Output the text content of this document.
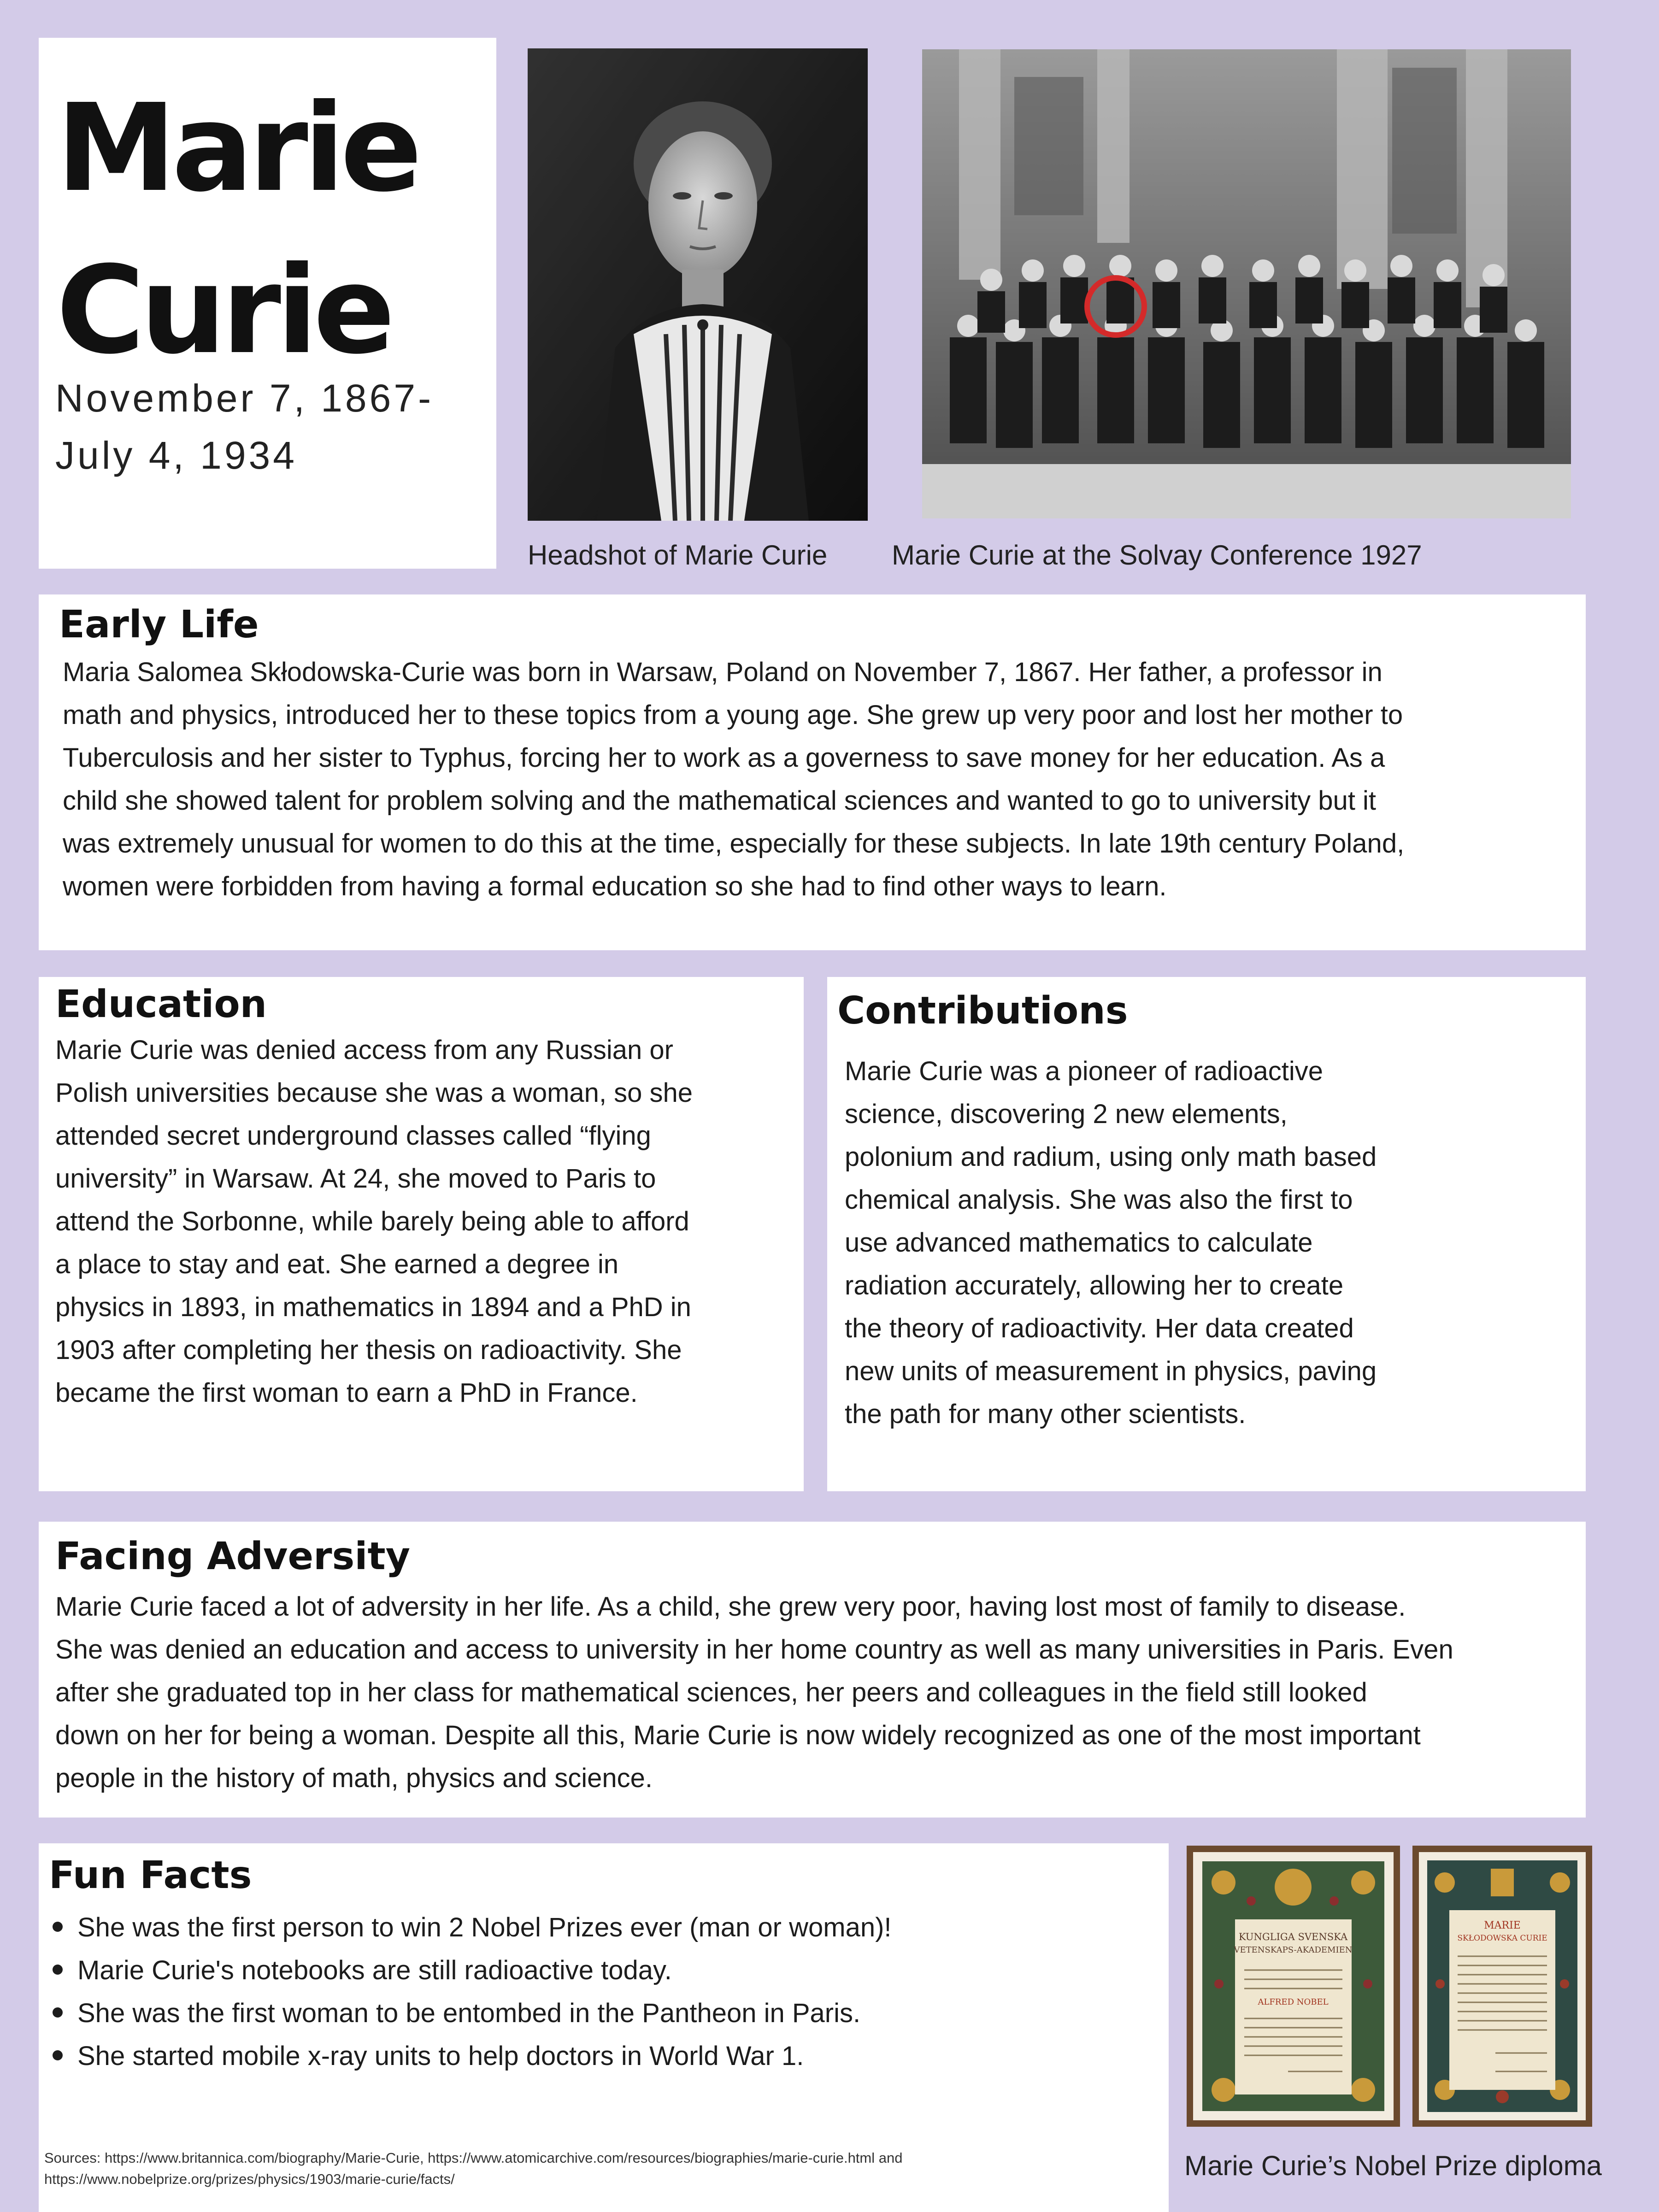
Marie
Curie

November 7, 1867-
July 4, 1934

Headshot of Marie Curie Marie Curie at the Solvay Conference 1927
Early Life

Maria Salomea Skłodowska-Curie was born in Warsaw, Poland on November 7, 1867. Her father, a professor in
math and physics, introduced her to these topics from a young age. She grew up very poor and lost her mother to
Tuberculosis and her sister to Typhus, forcing her to work as a governess to save money for her education. As a
child she showed talent for problem solving and the mathematical sciences and wanted to go to university but it
was extremely unusual for women to do this at the time, especially for these subjects. In late 19th century Poland,
women were forbidden from having a formal education so she had to find other ways to learn.

Education

Marie Curie was denied access from any Russian or
Polish universities because she was a woman, so she
attended secret underground classes called “flying
university” in Warsaw. At 24, she moved to Paris to
attend the Sorbonne, while barely being able to afford
a place to stay and eat. She earned a degree in
physics in 1893, in mathematics in 1894 and a PhD in
1903 after completing her thesis on radioactivity. She
became the first woman to earn a PhD in France.

Contributions

Marie Curie was a pioneer of radioactive
science, discovering 2 new elements,
polonium and radium, using only math based
chemical analysis. She was also the first to
use advanced mathematics to calculate
radiation accurately, allowing her to create
the theory of radioactivity. Her data created
new units of measurement in physics, paving
the path for many other scientists.

Facing Adversity

Marie Curie faced a lot of adversity in her life. As a child, she grew very poor, having lost most of family to disease.
She was denied an education and access to university in her home country as well as many universities in Paris. Even
after she graduated top in her class for mathematical sciences, her peers and colleagues in the field still looked
down on her for being a woman. Despite all this, Marie Curie is now widely recognized as one of the most important
people in the history of math, physics and science.

Fun Facts
She was the first person to win 2 Nobel Prizes ever (man or woman)!
Marie Curie's notebooks are still radioactive today.
She was the first woman to be entombed in the Pantheon in Paris.
She started mobile x-ray units to help doctors in World War 1.

Sources: https://www.britannica.com/biography/Marie-Curie, https://www.atomicarchive.com/resources/biographies/marie-curie.html and
https://www.nobelprize.org/prizes/physics/1903/marie-curie/facts/

KUNGLIGA SVENSKA
VETENSKAPS-AKADEMIEN
ALFRED NOBEL
MARIE
SKŁODOWSKA CURIE
Marie Curie’s Nobel Prize diploma
